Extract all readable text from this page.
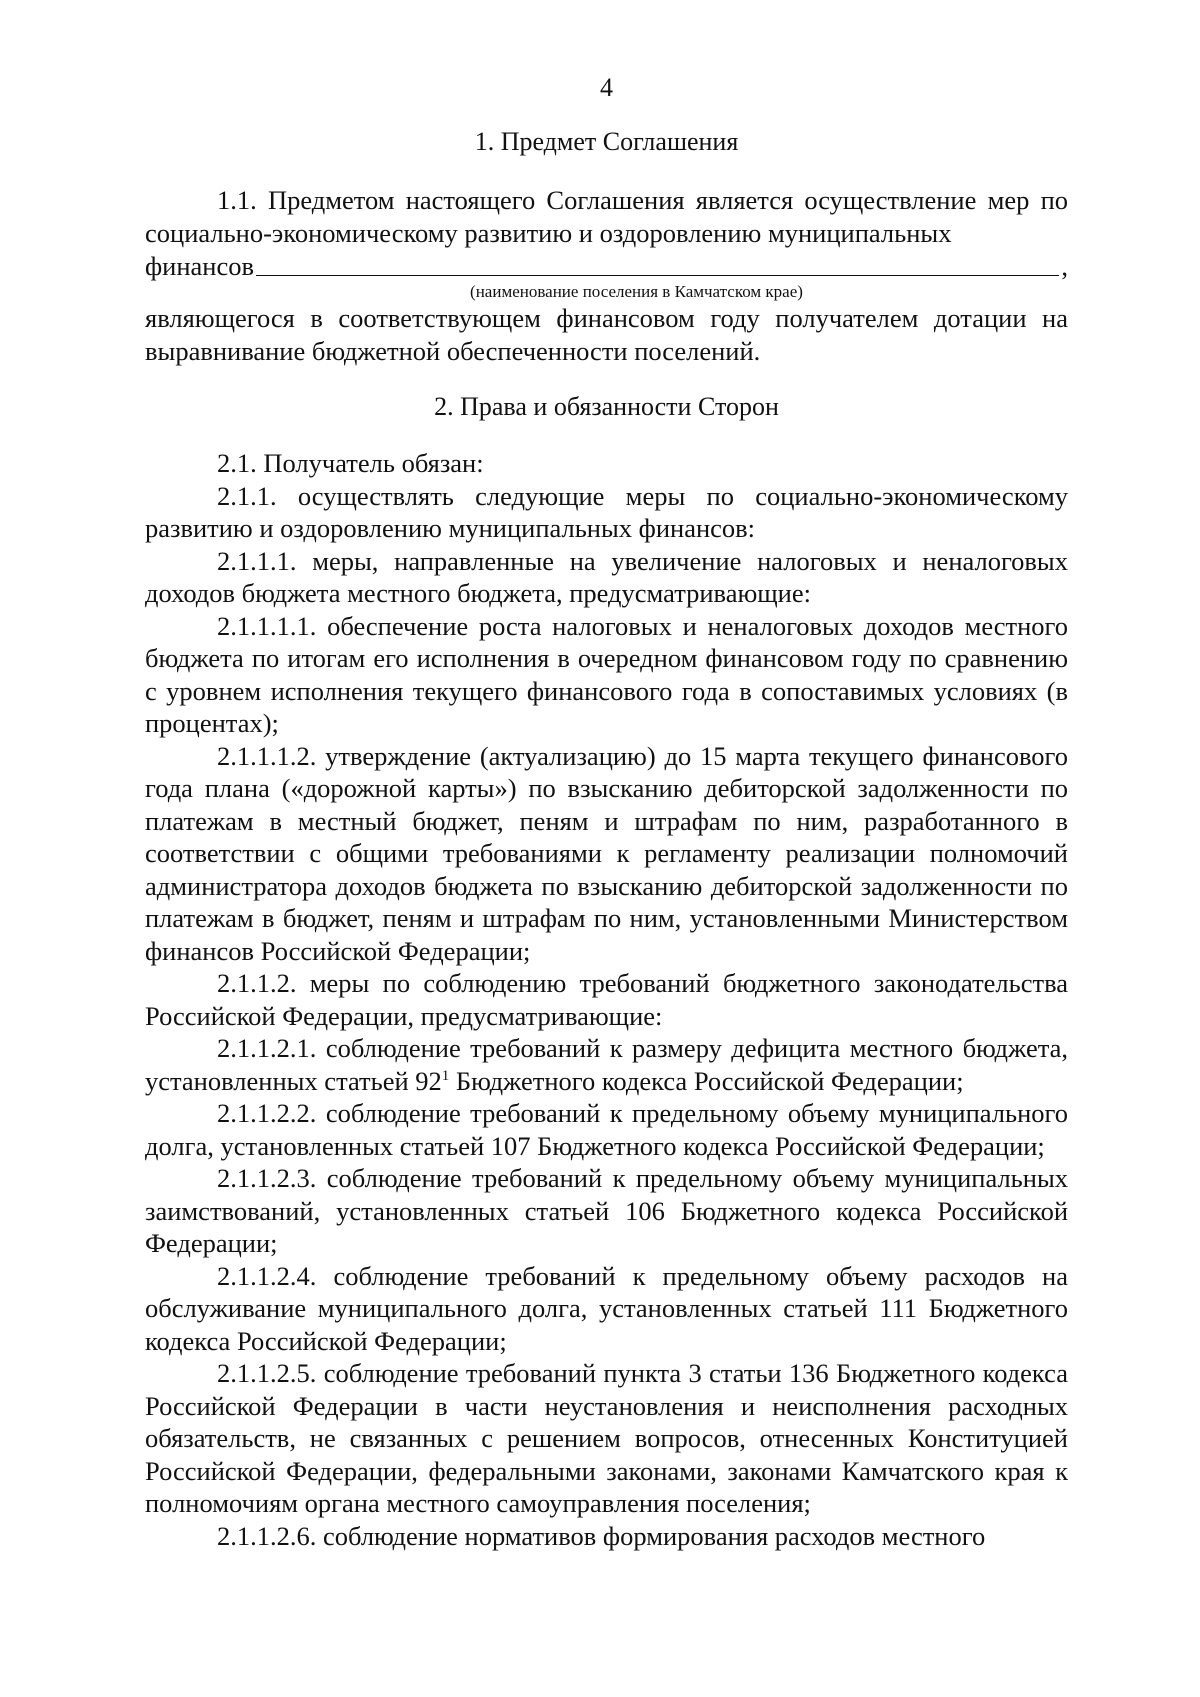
4

1. Предмет Соглашения

1.1. Предметом настоящего Соглашения является осуществление мер по социально-экономическому развитию и оздоровлению муниципальных

финансов	,

(наименование поселения в Камчатском крае)

являющегося в соответствующем финансовом году получателем дотации на выравнивание бюджетной обеспеченности поселений.

2. Права и обязанности Сторон

2.1. Получатель обязан:

2.1.1. осуществлять следующие меры по социально-экономическому развитию и оздоровлению муниципальных финансов:

2.1.1.1. меры, направленные на увеличение налоговых и неналоговых доходов бюджета местного бюджета, предусматривающие:

2.1.1.1.1. обеспечение роста налоговых и неналоговых доходов местного бюджета по итогам его исполнения в очередном финансовом году по сравнению с уровнем исполнения текущего финансового года в сопоставимых условиях (в процентах);

2.1.1.1.2. утверждение (актуализацию) до 15 марта текущего финансового года плана («дорожной карты») по взысканию дебиторской задолженности по платежам в местный бюджет, пеням и штрафам по ним, разработанного в соответствии с общими требованиями к регламенту реализации полномочий администратора доходов бюджета по взысканию дебиторской задолженности по платежам в бюджет, пеням и штрафам по ним, установленными Министерством финансов Российской Федерации;

2.1.1.2. меры по соблюдению требований бюджетного законодательства Российской Федерации, предусматривающие:

2.1.1.2.1. соблюдение требований к размеру дефицита местного бюджета, установленных статьей $92^1$ Бюджетного кодекса Российской Федерации;

2.1.1.2.2. соблюдение требований к предельному объему муниципального долга, установленных статьей 107 Бюджетного кодекса Российской Федерации;

2.1.1.2.3. соблюдение требований к предельному объему муниципальных заимствований, установленных статьей 106 Бюджетного кодекса Российской Федерации;

2.1.1.2.4. соблюдение требований к предельному объему расходов на обслуживание муниципального долга, установленных статьей 111 Бюджетного кодекса Российской Федерации;

2.1.1.2.5. соблюдение требований пункта 3 статьи 136 Бюджетного кодекса Российской Федерации в части неустановления и неисполнения расходных обязательств, не связанных с решением вопросов, отнесенных Конституцией Российской Федерации, федеральными законами, законами Камчатского края к полномочиям органа местного самоуправления поселения;

2.1.1.2.6. соблюдение нормативов формирования расходов местного
